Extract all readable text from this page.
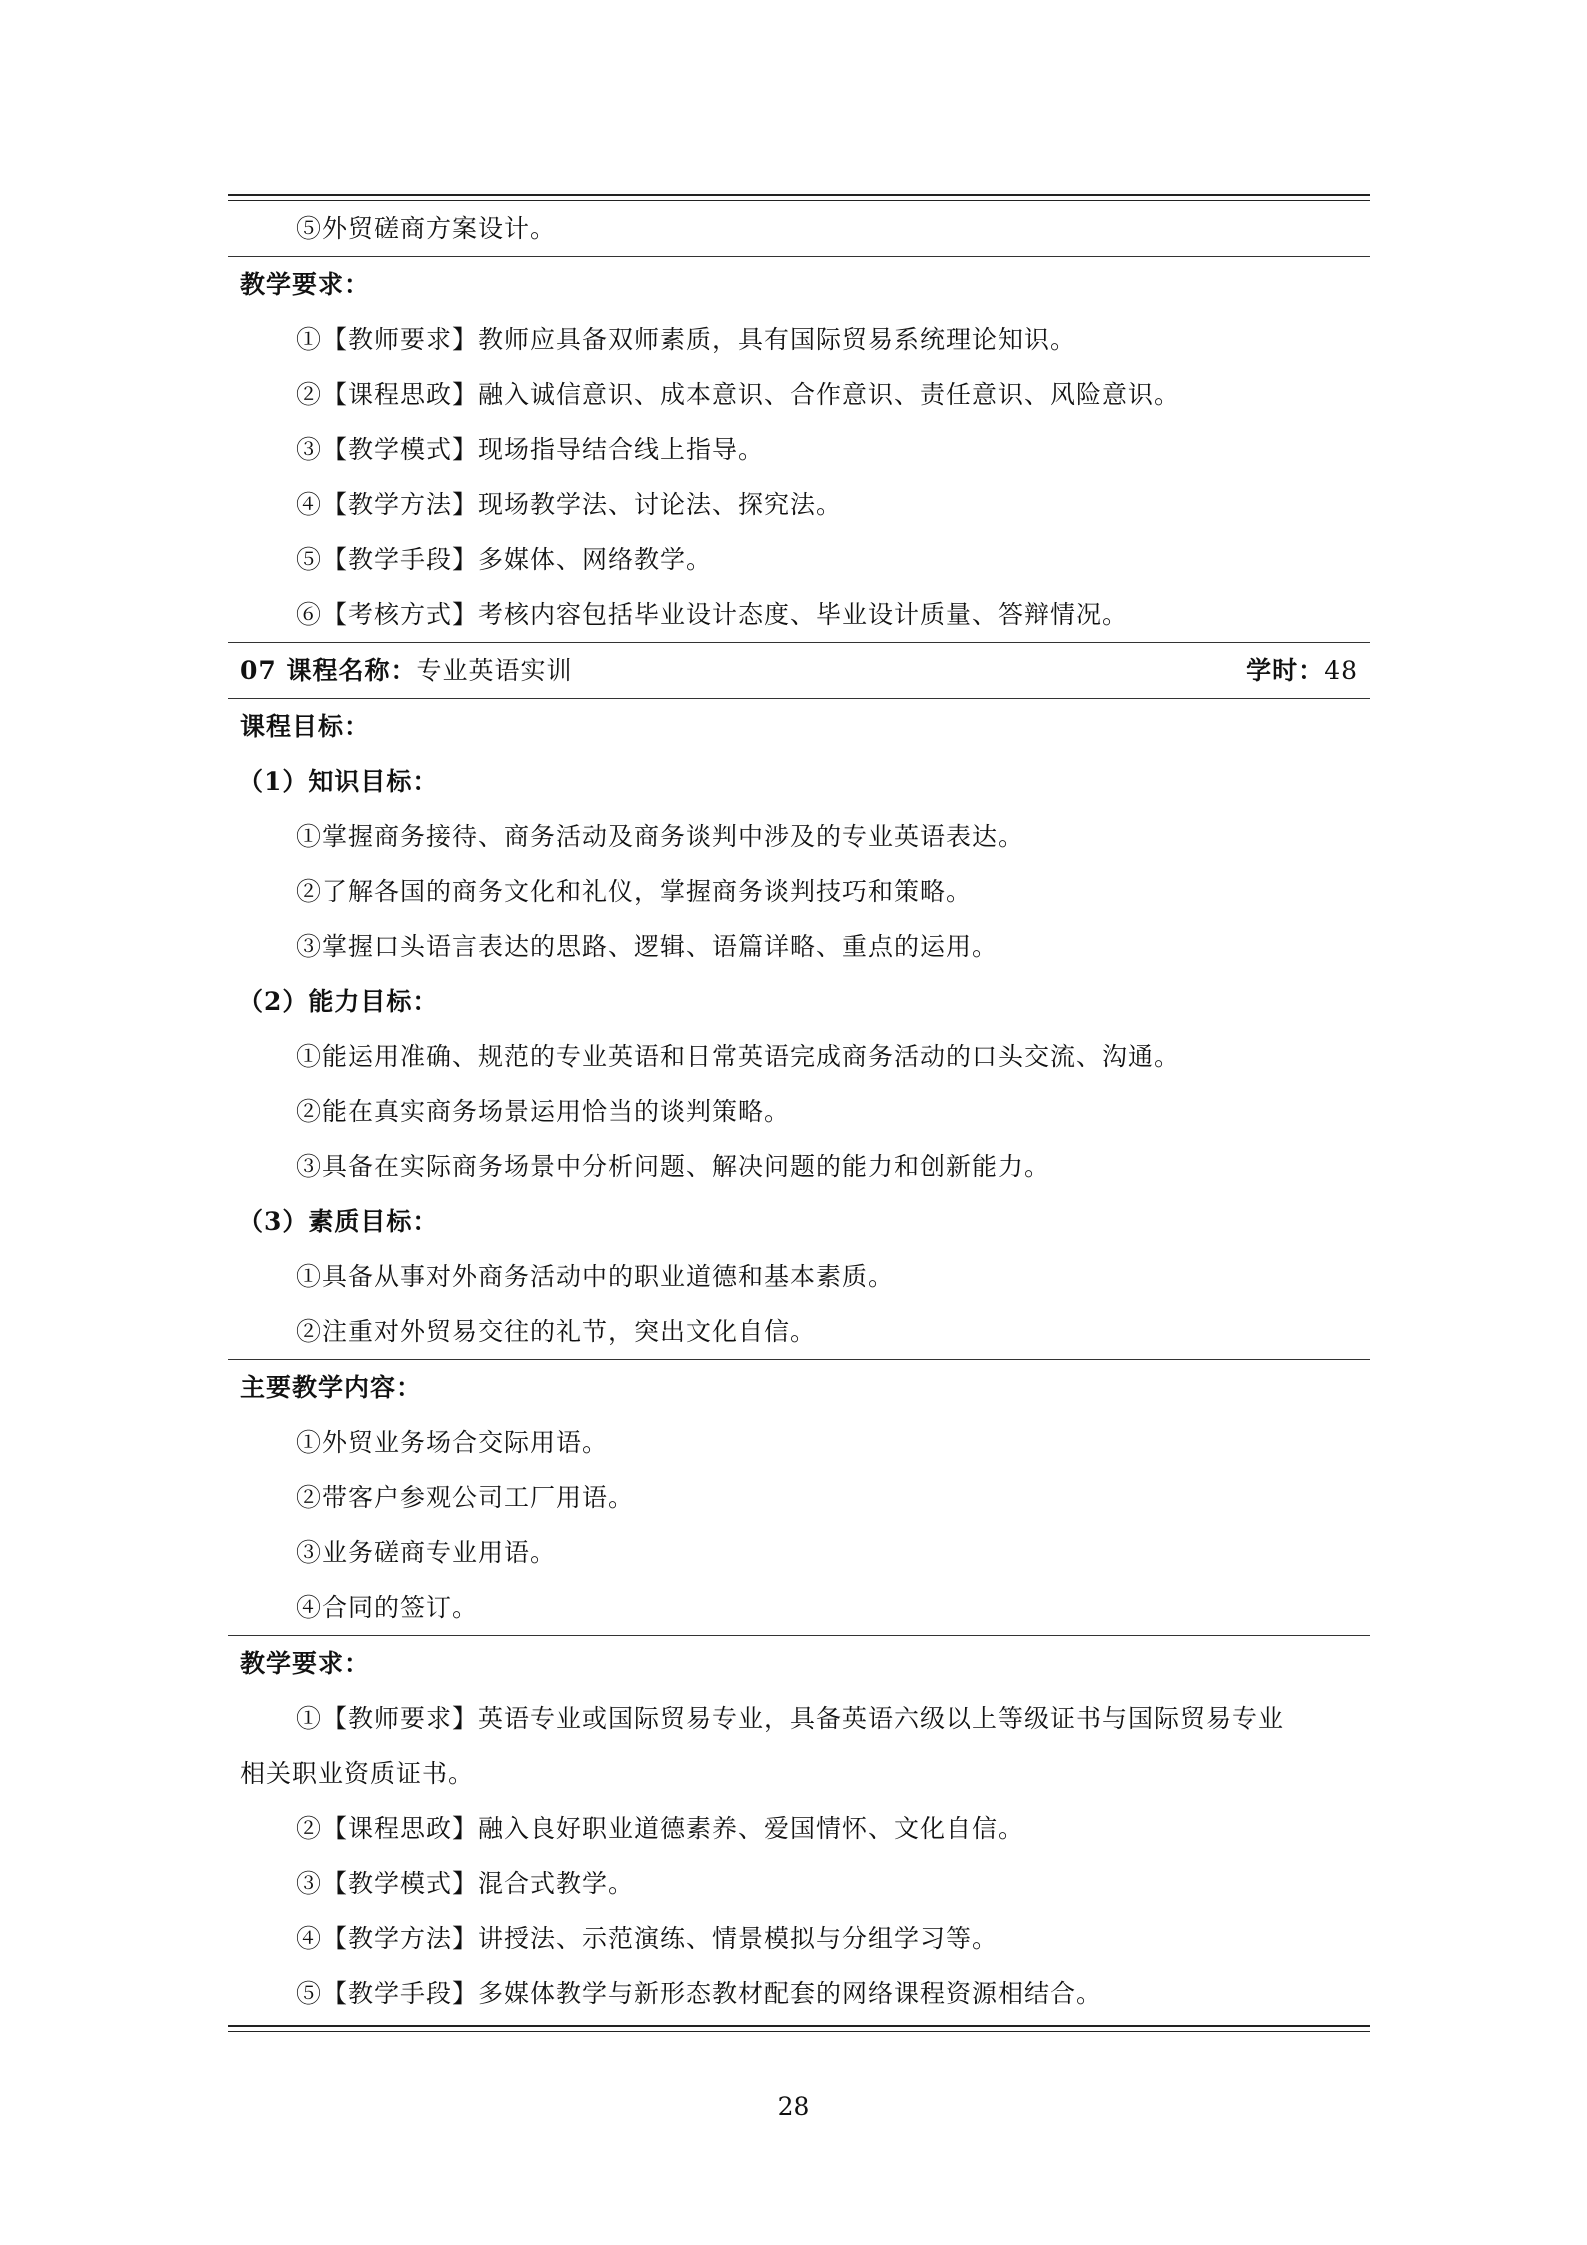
⑤外贸磋商方案设计。
教学要求：
①【教师要求】教师应具备双师素质，具有国际贸易系统理论知识。
②【课程思政】融入诚信意识、成本意识、合作意识、责任意识、风险意识。
③【教学模式】现场指导结合线上指导。
④【教学方法】现场教学法、讨论法、探究法。
⑤【教学手段】多媒体、网络教学。
⑥【考核方式】考核内容包括毕业设计态度、毕业设计质量、答辩情况。
07 课程名称：专业英语实训	学时：48
课程目标：
（1）知识目标：
①掌握商务接待、商务活动及商务谈判中涉及的专业英语表达。
②了解各国的商务文化和礼仪，掌握商务谈判技巧和策略。
③掌握口头语言表达的思路、逻辑、语篇详略、重点的运用。
（2）能力目标：
①能运用准确、规范的专业英语和日常英语完成商务活动的口头交流、沟通。
②能在真实商务场景运用恰当的谈判策略。
③具备在实际商务场景中分析问题、解决问题的能力和创新能力。
（3）素质目标：
①具备从事对外商务活动中的职业道德和基本素质。
②注重对外贸易交往的礼节，突出文化自信。
主要教学内容：
①外贸业务场合交际用语。
②带客户参观公司工厂用语。
③业务磋商专业用语。
④合同的签订。
教学要求：
①【教师要求】英语专业或国际贸易专业，具备英语六级以上等级证书与国际贸易专业
相关职业资质证书。
②【课程思政】融入良好职业道德素养、爱国情怀、文化自信。
③【教学模式】混合式教学。
④【教学方法】讲授法、示范演练、情景模拟与分组学习等。
⑤【教学手段】多媒体教学与新形态教材配套的网络课程资源相结合。
28
